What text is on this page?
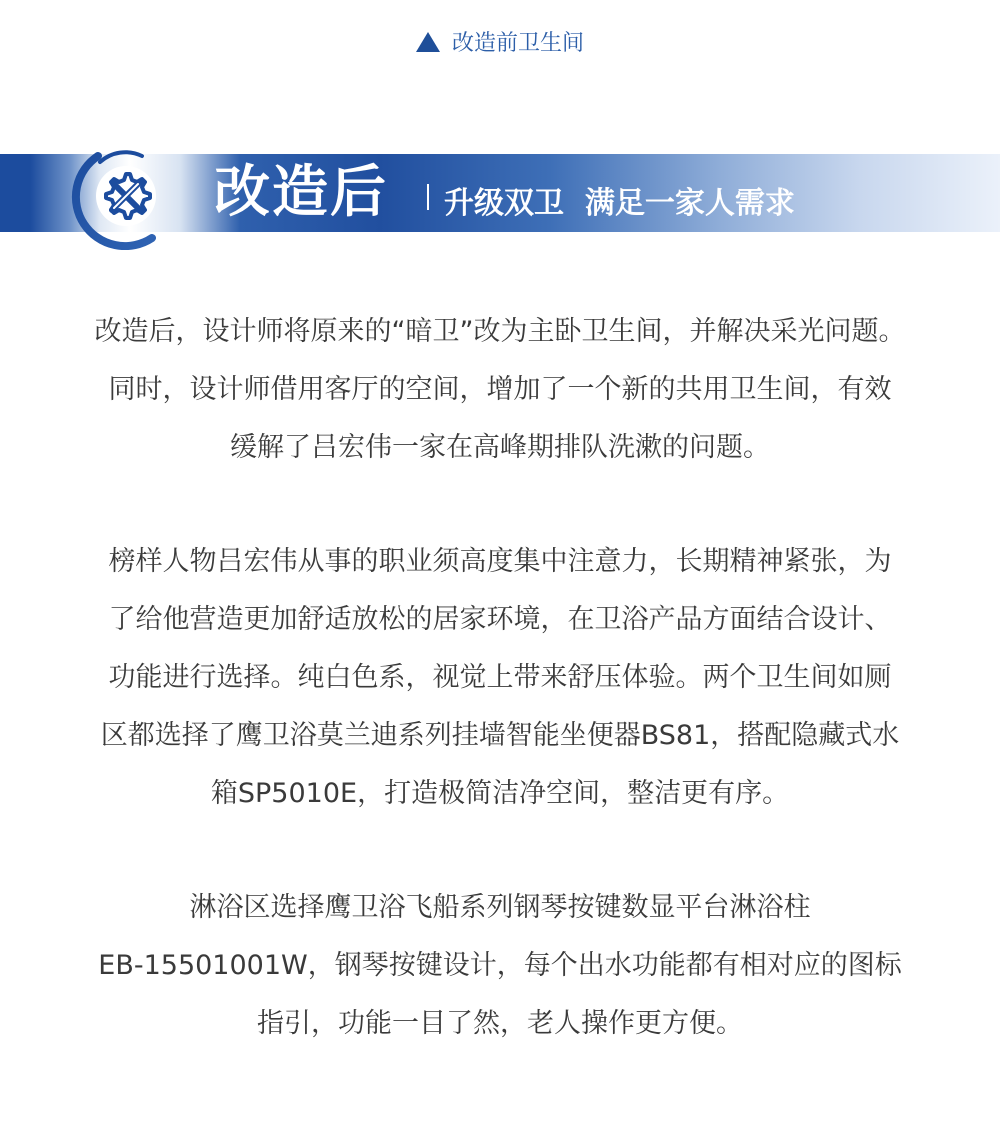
改造前卫生间
改造后 升级双卫  满足一家人需求

改造后，设计师将原来的“暗卫”改为主卧卫生间，并解决采光问题。
同时，设计师借用客厅的空间，增加了一个新的共用卫生间，有效
缓解了吕宏伟一家在高峰期排队洗漱的问题。

榜样人物吕宏伟从事的职业须高度集中注意力，长期精神紧张，为
了给他营造更加舒适放松的居家环境，在卫浴产品方面结合设计、
功能进行选择。纯白色系，视觉上带来舒压体验。两个卫生间如厕
区都选择了鹰卫浴莫兰迪系列挂墙智能坐便器BS81，搭配隐藏式水
箱SP5010E，打造极简洁净空间，整洁更有序。

淋浴区选择鹰卫浴飞船系列钢琴按键数显平台淋浴柱
EB-15501001W，钢琴按键设计，每个出水功能都有相对应的图标
指引，功能一目了然，老人操作更方便。
